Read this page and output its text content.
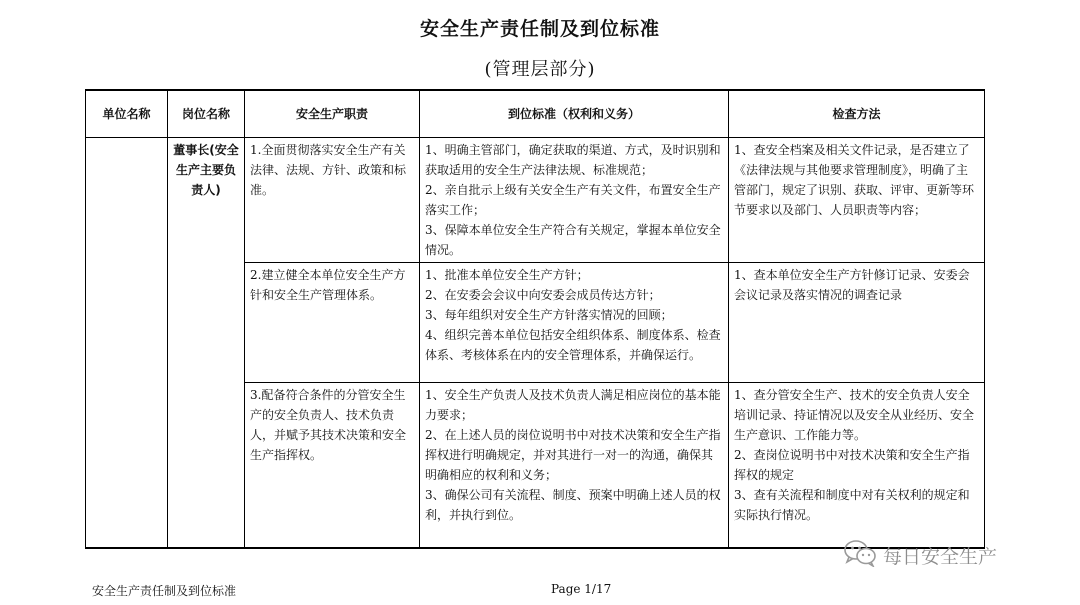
安全生产责任制及到位标准
(管理层部分)
单位名称	岗位名称	安全生产职责	到位标准（权利和义务）	检查方法
	董事长(安全生产主要负责人)	1.全面贯彻落实安全生产有关法律、法规、方针、政策和标准。	1、明确主管部门，确定获取的渠道、方式，及时识别和获取适用的安全生产法律法规、标准规范；
2、亲自批示上级有关安全生产有关文件，布置安全生产落实工作；
3、保障本单位安全生产符合有关规定，掌握本单位安全情况。	1、查安全档案及相关文件记录，是否建立了《法律法规与其他要求管理制度》，明确了主管部门，规定了识别、获取、评审、更新等环节要求以及部门、人员职责等内容；

		2.建立健全本单位安全生产方针和安全生产管理体系。	1、批准本单位安全生产方针；
2、在安委会会议中向安委会成员传达方针；
3、每年组织对安全生产方针落实情况的回顾；
4、组织完善本单位包括安全组织体系、制度体系、检查体系、考核体系在内的安全管理体系，并确保运行。	1、查本单位安全生产方针修订记录、安委会会议记录及落实情况的调查记录

		3.配备符合条件的分管安全生产的安全负责人、技术负责人，并赋予其技术决策和安全生产指挥权。	1、安全生产负责人及技术负责人满足相应岗位的基本能力要求；
2、在上述人员的岗位说明书中对技术决策和安全生产指挥权进行明确规定，并对其进行一对一的沟通，确保其明确相应的权利和义务；
3、确保公司有关流程、制度、预案中明确上述人员的权利，并执行到位。	1、查分管安全生产、技术的安全负责人安全培训记录、持证情况以及安全从业经历、安全生产意识、工作能力等。
2、查岗位说明书中对技术决策和安全生产指挥权的规定
3、查有关流程和制度中对有关权利的规定和实际执行情况。
每日安全生产
安全生产责任制及到位标准	Page 1/17
